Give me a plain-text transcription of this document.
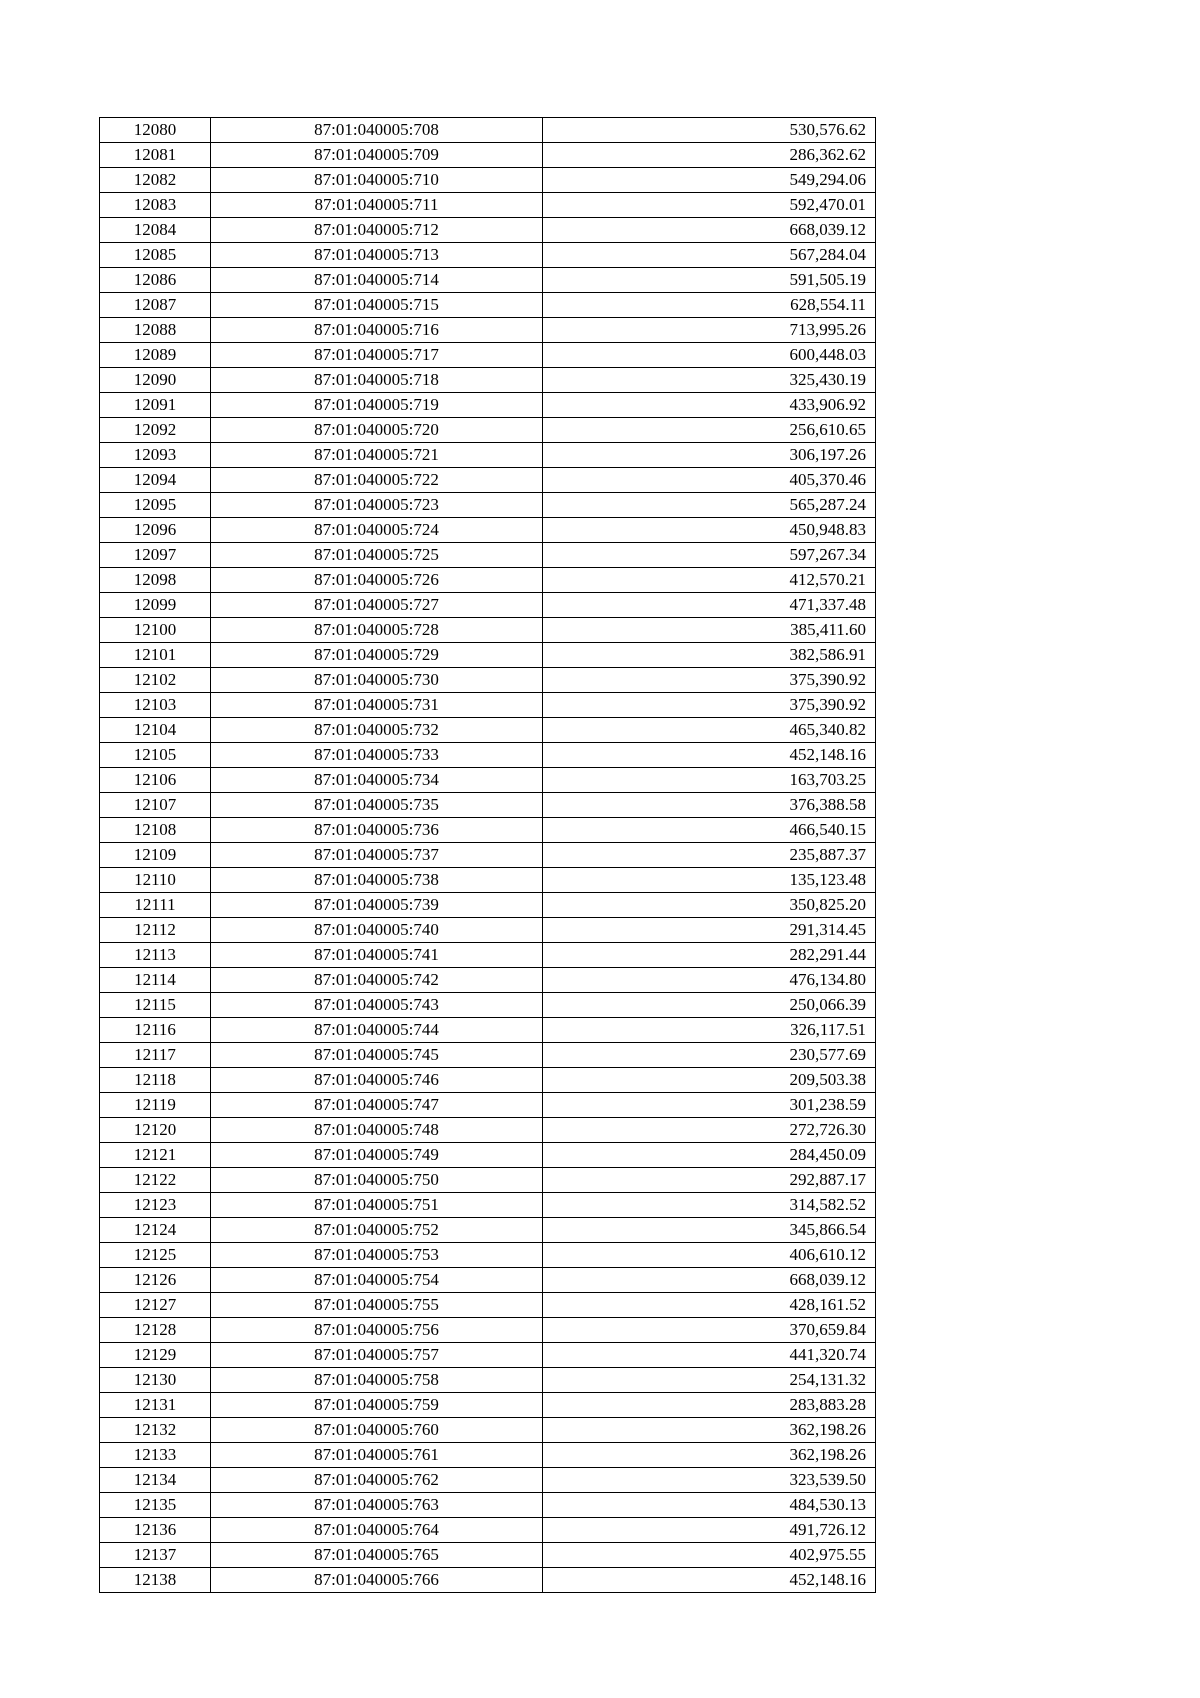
12080	87:01:040005:708	530,576.62
12081	87:01:040005:709	286,362.62
12082	87:01:040005:710	549,294.06
12083	87:01:040005:711	592,470.01
12084	87:01:040005:712	668,039.12
12085	87:01:040005:713	567,284.04
12086	87:01:040005:714	591,505.19
12087	87:01:040005:715	628,554.11
12088	87:01:040005:716	713,995.26
12089	87:01:040005:717	600,448.03
12090	87:01:040005:718	325,430.19
12091	87:01:040005:719	433,906.92
12092	87:01:040005:720	256,610.65
12093	87:01:040005:721	306,197.26
12094	87:01:040005:722	405,370.46
12095	87:01:040005:723	565,287.24
12096	87:01:040005:724	450,948.83
12097	87:01:040005:725	597,267.34
12098	87:01:040005:726	412,570.21
12099	87:01:040005:727	471,337.48
12100	87:01:040005:728	385,411.60
12101	87:01:040005:729	382,586.91
12102	87:01:040005:730	375,390.92
12103	87:01:040005:731	375,390.92
12104	87:01:040005:732	465,340.82
12105	87:01:040005:733	452,148.16
12106	87:01:040005:734	163,703.25
12107	87:01:040005:735	376,388.58
12108	87:01:040005:736	466,540.15
12109	87:01:040005:737	235,887.37
12110	87:01:040005:738	135,123.48
12111	87:01:040005:739	350,825.20
12112	87:01:040005:740	291,314.45
12113	87:01:040005:741	282,291.44
12114	87:01:040005:742	476,134.80
12115	87:01:040005:743	250,066.39
12116	87:01:040005:744	326,117.51
12117	87:01:040005:745	230,577.69
12118	87:01:040005:746	209,503.38
12119	87:01:040005:747	301,238.59
12120	87:01:040005:748	272,726.30
12121	87:01:040005:749	284,450.09
12122	87:01:040005:750	292,887.17
12123	87:01:040005:751	314,582.52
12124	87:01:040005:752	345,866.54
12125	87:01:040005:753	406,610.12
12126	87:01:040005:754	668,039.12
12127	87:01:040005:755	428,161.52
12128	87:01:040005:756	370,659.84
12129	87:01:040005:757	441,320.74
12130	87:01:040005:758	254,131.32
12131	87:01:040005:759	283,883.28
12132	87:01:040005:760	362,198.26
12133	87:01:040005:761	362,198.26
12134	87:01:040005:762	323,539.50
12135	87:01:040005:763	484,530.13
12136	87:01:040005:764	491,726.12
12137	87:01:040005:765	402,975.55
12138	87:01:040005:766	452,148.16
